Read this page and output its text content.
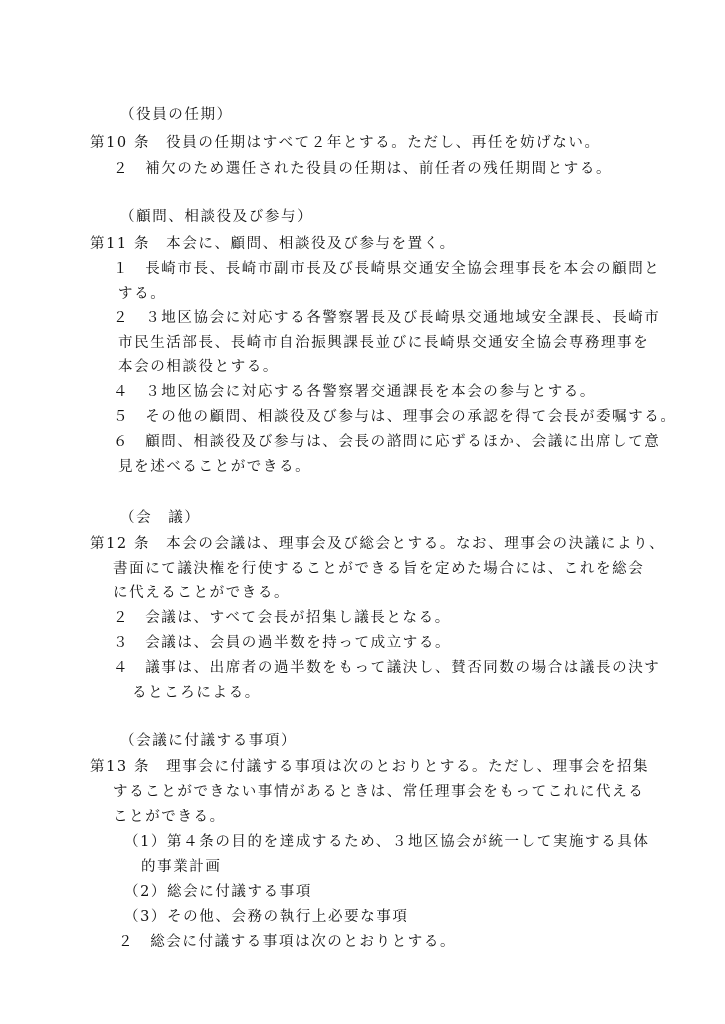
（役員の任期）
第10 条　役員の任期はすべて２年とする。ただし、再任を妨げない。
２　補欠のため選任された役員の任期は、前任者の残任期間とする。
（顧問、相談役及び参与）
第11 条　本会に、顧問、相談役及び参与を置く。
１　長崎市長、長崎市副市長及び長崎県交通安全協会理事長を本会の顧問と
する。
２　３地区協会に対応する各警察署長及び長崎県交通地域安全課長、長崎市
市民生活部長、長崎市自治振興課長並びに長崎県交通安全協会専務理事を
本会の相談役とする。
４　３地区協会に対応する各警察署交通課長を本会の参与とする。
５　その他の顧問、相談役及び参与は、理事会の承認を得て会長が委嘱する。
６　顧問、相談役及び参与は、会長の諮問に応ずるほか、会議に出席して意
見を述べることができる。
（会　議）
第12 条　本会の会議は、理事会及び総会とする。なお、理事会の決議により、
書面にて議決権を行使することができる旨を定めた場合には、これを総会
に代えることができる。
２　会議は、すべて会長が招集し議長となる。
３　会議は、会員の過半数を持って成立する。
４　議事は、出席者の過半数をもって議決し、賛否同数の場合は議長の決す
るところによる。
（会議に付議する事項）
第13 条　理事会に付議する事項は次のとおりとする。ただし、理事会を招集
することができない事情があるときは、常任理事会をもってこれに代える
ことができる。
（1）第４条の目的を達成するため、３地区協会が統一して実施する具体
的事業計画
（2）総会に付議する事項
（3）その他、会務の執行上必要な事項
２　総会に付議する事項は次のとおりとする。
